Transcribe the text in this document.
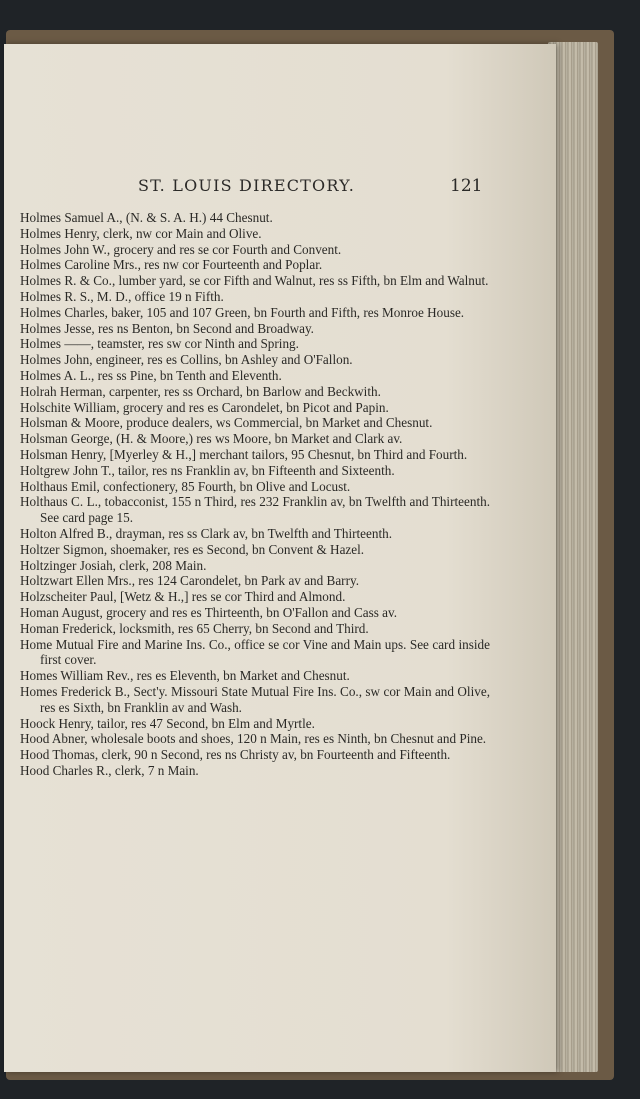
ST. LOUIS DIRECTORY.	121
Holmes Samuel A., (N. & S. A. H.) 44 Chesnut.
Holmes Henry, clerk, nw cor Main and Olive.
Holmes John W., grocery and res se cor Fourth and Convent.
Holmes Caroline Mrs., res nw cor Fourteenth and Poplar.
Holmes R. & Co., lumber yard, se cor Fifth and Walnut, res ss Fifth, bn Elm and Walnut.
Holmes R. S., M. D., office 19 n Fifth.
Holmes Charles, baker, 105 and 107 Green, bn Fourth and Fifth, res Monroe House.
Holmes Jesse, res ns Benton, bn Second and Broadway.
Holmes ——, teamster, res sw cor Ninth and Spring.
Holmes John, engineer, res es Collins, bn Ashley and O'Fallon.
Holmes A. L., res ss Pine, bn Tenth and Eleventh.
Holrah Herman, carpenter, res ss Orchard, bn Barlow and Beckwith.
Holschite William, grocery and res es Carondelet, bn Picot and Papin.
Holsman & Moore, produce dealers, ws Commercial, bn Market and Chesnut.
Holsman George, (H. & Moore,) res ws Moore, bn Market and Clark av.
Holsman Henry, [Myerley & H.,] merchant tailors, 95 Chesnut, bn Third and Fourth.
Holtgrew John T., tailor, res ns Franklin av, bn Fifteenth and Sixteenth.
Holthaus Emil, confectionery, 85 Fourth, bn Olive and Locust.
Holthaus C. L., tobacconist, 155 n Third, res 232 Franklin av, bn Twelfth and Thirteenth. See card page 15.
Holton Alfred B., drayman, res ss Clark av, bn Twelfth and Thirteenth.
Holtzer Sigmon, shoemaker, res es Second, bn Convent & Hazel.
Holtzinger Josiah, clerk, 208 Main.
Holtzwart Ellen Mrs., res 124 Carondelet, bn Park av and Barry.
Holzscheiter Paul, [Wetz & H.,] res se cor Third and Almond.
Homan August, grocery and res es Thirteenth, bn O'Fallon and Cass av.
Homan Frederick, locksmith, res 65 Cherry, bn Second and Third.
Home Mutual Fire and Marine Ins. Co., office se cor Vine and Main ups. See card inside first cover.
Homes William Rev., res es Eleventh, bn Market and Chesnut.
Homes Frederick B., Sect'y. Missouri State Mutual Fire Ins. Co., sw cor Main and Olive, res es Sixth, bn Franklin av and Wash.
Hoock Henry, tailor, res 47 Second, bn Elm and Myrtle.
Hood Abner, wholesale boots and shoes, 120 n Main, res es Ninth, bn Chesnut and Pine.
Hood Thomas, clerk, 90 n Second, res ns Christy av, bn Fourteenth and Fifteenth.
Hood Charles R., clerk, 7 n Main.
